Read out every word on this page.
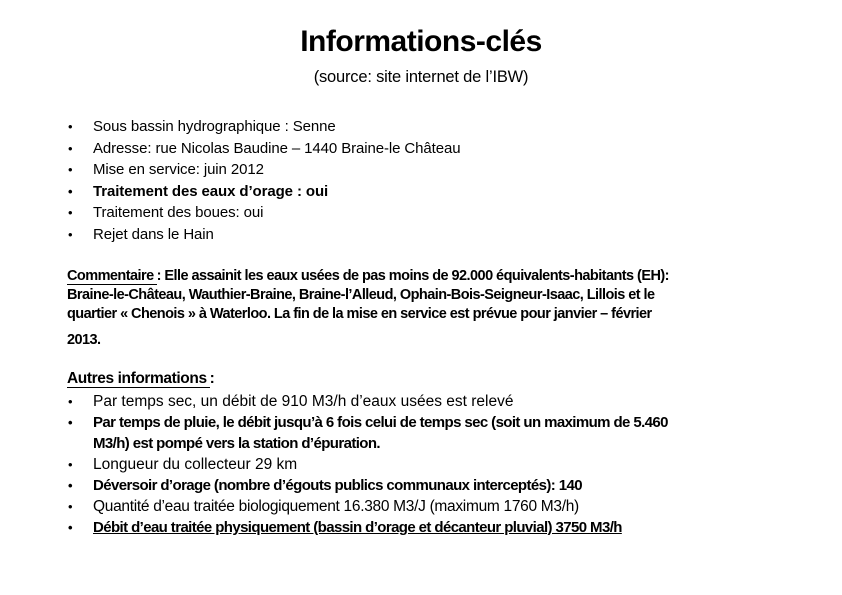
Informations-clés
(source: site internet de l’IBW)
•	Sous bassin hydrographique : Senne
•	Adresse: rue Nicolas Baudine – 1440 Braine-le Château
•	Mise en service: juin 2012
•	Traitement des eaux d’orage : oui
•	Traitement des boues: oui
•	Rejet dans le Hain
Commentaire : Elle assainit les eaux usées de pas moins de 92.000 équivalents-habitants (EH):
Braine-le-Château, Wauthier-Braine, Braine-l’Alleud, Ophain-Bois-Seigneur-Isaac, Lillois et le
quartier « Chenois » à Waterloo. La fin de la mise en service est prévue pour janvier – février
2013.
Autres informations :
•	Par temps sec, un débit de 910 M3/h d’eaux usées est relevé
•	Par temps de pluie, le débit jusqu’à 6 fois celui de temps sec (soit un maximum de 5.460
M3/h) est pompé vers la station d’épuration.
•	Longueur du collecteur 29 km
•	Déversoir d’orage (nombre d’égouts publics communaux interceptés): 140
•	Quantité d’eau traitée biologiquement 16.380 M3/J (maximum 1760 M3/h)
•	Débit d’eau traitée physiquement (bassin d’orage et décanteur pluvial) 3750 M3/h
